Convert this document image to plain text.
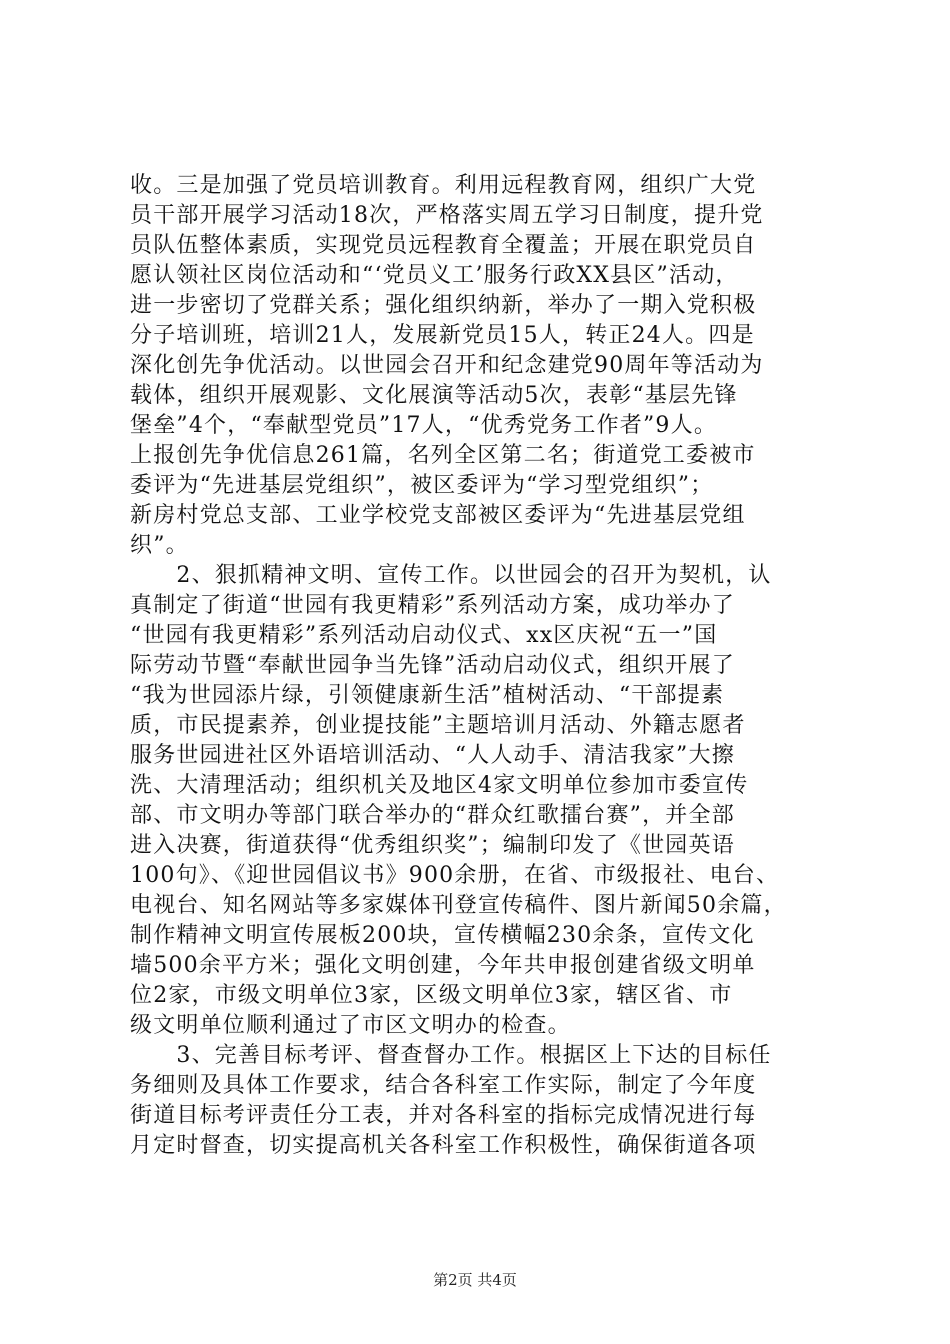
收。三是加强了党员培训教育。利用远程教育网，组织广大党
员干部开展学习活动18次，严格落实周五学习日制度，提升党
员队伍整体素质，实现党员远程教育全覆盖；开展在职党员自
愿认领社区岗位活动和“‘党员义工’服务行政XX县区”活动，
进一步密切了党群关系；强化组织纳新，举办了一期入党积极
分子培训班，培训21人，发展新党员15人，转正24人。四是
深化创先争优活动。以世园会召开和纪念建党90周年等活动为
载体，组织开展观影、文化展演等活动5次，表彰“基层先锋
堡垒”4个，“奉献型党员”17人，“优秀党务工作者”9人。
上报创先争优信息261篇，名列全区第二名；街道党工委被市
委评为“先进基层党组织”，被区委评为“学习型党组织”；
新房村党总支部、工业学校党支部被区委评为“先进基层党组
织”。
　　2、狠抓精神文明、宣传工作。以世园会的召开为契机，认
真制定了街道“世园有我更精彩”系列活动方案，成功举办了
“世园有我更精彩”系列活动启动仪式、xx区庆祝“五一”国
际劳动节暨“奉献世园争当先锋”活动启动仪式，组织开展了
“我为世园添片绿，引领健康新生活”植树活动、“干部提素
质，市民提素养，创业提技能”主题培训月活动、外籍志愿者
服务世园进社区外语培训活动、“人人动手、清洁我家”大擦
洗、大清理活动；组织机关及地区4家文明单位参加市委宣传
部、市文明办等部门联合举办的“群众红歌擂台赛”，并全部
进入决赛，街道获得“优秀组织奖”；编制印发了《世园英语
100句》、《迎世园倡议书》900余册，在省、市级报社、电台、
电视台、知名网站等多家媒体刊登宣传稿件、图片新闻50余篇，
制作精神文明宣传展板200块，宣传横幅230余条，宣传文化
墙500余平方米；强化文明创建，今年共申报创建省级文明单
位2家，市级文明单位3家，区级文明单位3家，辖区省、市
级文明单位顺利通过了市区文明办的检查。
　　3、完善目标考评、督查督办工作。根据区上下达的目标任
务细则及具体工作要求，结合各科室工作实际，制定了今年度
街道目标考评责任分工表，并对各科室的指标完成情况进行每
月定时督查，切实提高机关各科室工作积极性，确保街道各项
第2页 共4页
